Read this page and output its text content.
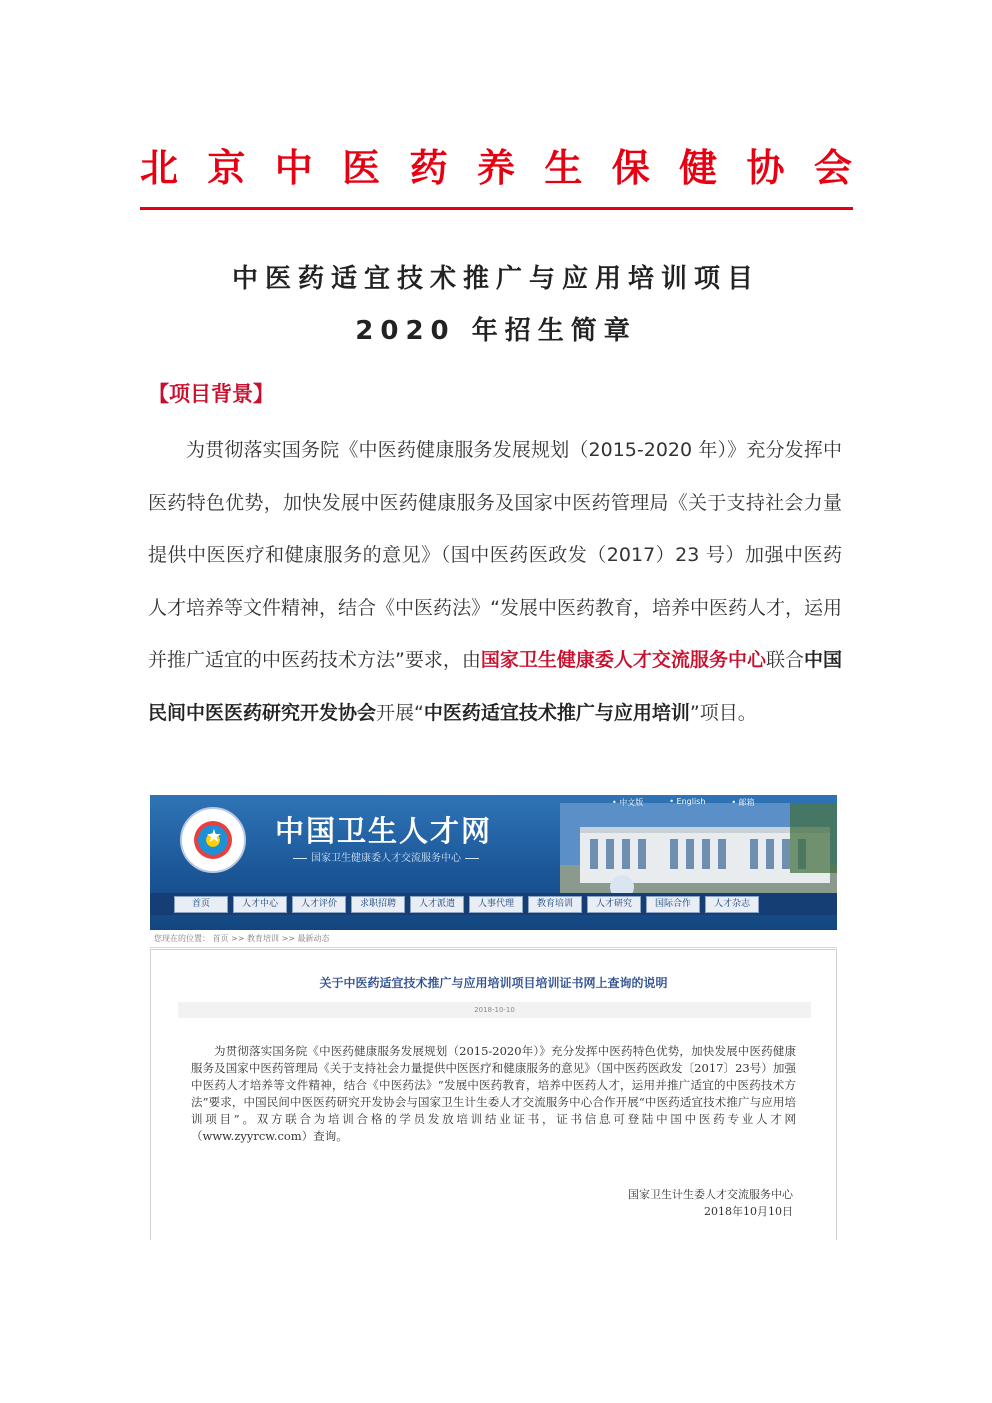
北 京 中 医 药 养 生 保 健 协 会
中医药适宜技术推广与应用培训项目
2020 年招生简章
【项目背景】

为贯彻落实国务院《中医药健康服务发展规划（2015-2020 年）》充分发挥中医药特色优势，加快发展中医药健康服务及国家中医药管理局《关于支持社会力量提供中医医疗和健康服务的意见》（国中医药医政发（2017）23 号）加强中医药人才培养等文件精神，结合《中医药法》“发展中医药教育，培养中医药人才，运用并推广适宜的中医药技术方法”要求，由国家卫生健康委人才交流服务中心联合中国民间中医医药研究开发协会开展“中医药适宜技术推广与应用培训”项目。

★ 中国卫生人才网

国家卫生健康委人才交流服务中心

• 中文版	• English	• 邮箱
首页	人才中心	人才评价	求职招聘	人才派遣	人事代理	教育培训	人才研究	国际合作	人才杂志
您现在的位置： 首页 >> 教育培训 >> 最新动态
关于中医药适宜技术推广与应用培训项目培训证书网上查询的说明
2018-10-10

为贯彻落实国务院《中医药健康服务发展规划（2015-2020年）》充分发挥中医药特色优势，加快发展中医药健康服务及国家中医药管理局《关于支持社会力量提供中医医疗和健康服务的意见》（国中医药医政发〔2017〕23号）加强中医药人才培养等文件精神，结合《中医药法》“发展中医药教育，培养中医药人才，运用并推广适宜的中医药技术方法”要求，中国民间中医医药研究开发协会与国家卫生计生委人才交流服务中心合作开展“中医药适宜技术推广与应用培训项目”。双方联合为培训合格的学员发放培训结业证书，证书信息可登陆中国中医药专业人才网（www.zyyrcw.com）查询。

国家卫生计生委人才交流服务中心
2018年10月10日
